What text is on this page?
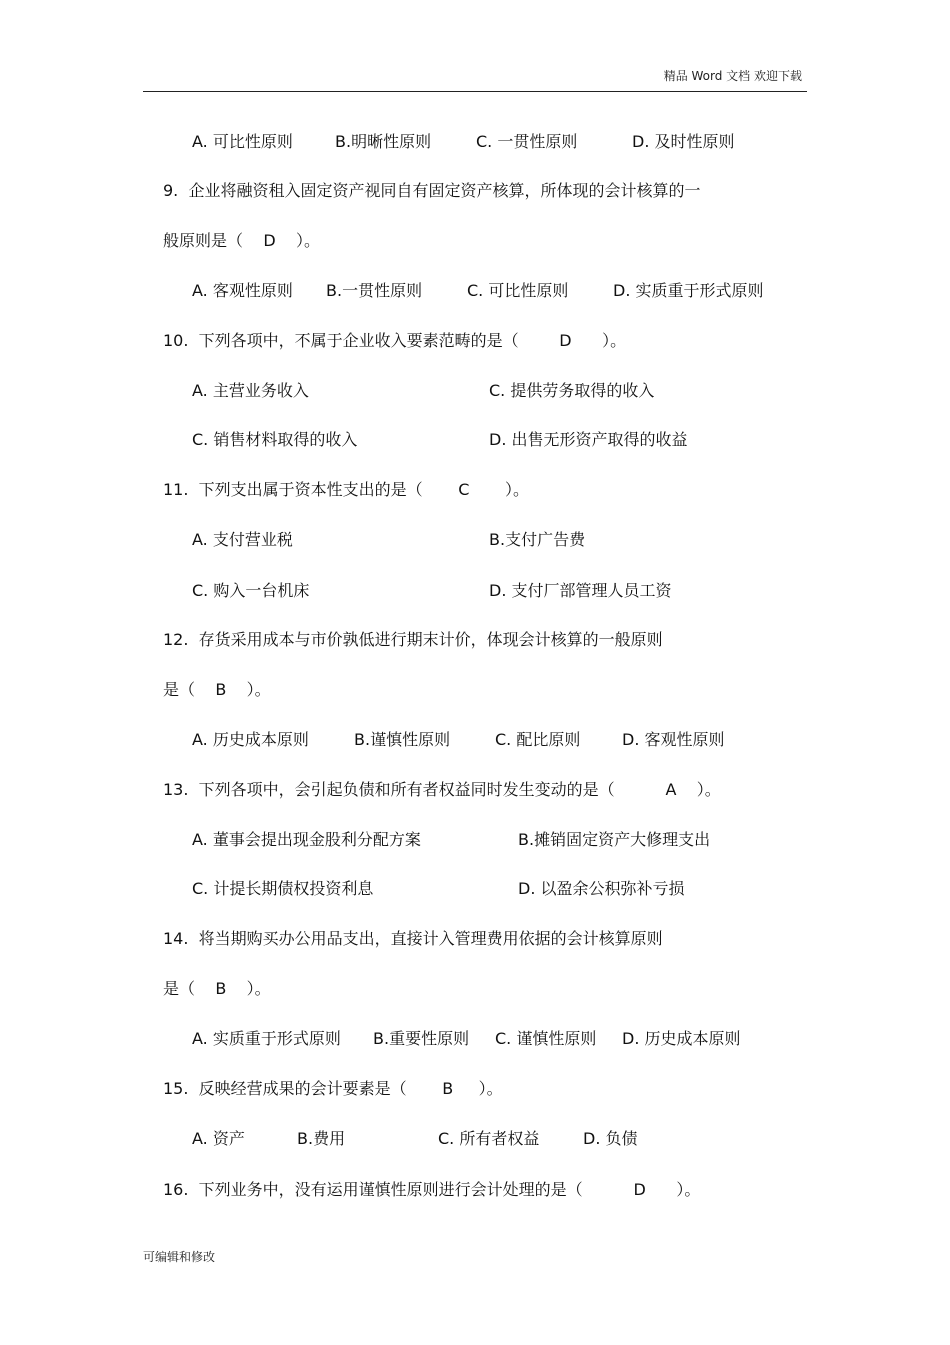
精品 Word 文档 欢迎下载
A. 可比性原则	B.明晰性原则	C. 一贯性原则	D. 及时性原则
9.  企业将融资租入固定资产视同自有固定资产核算，所体现的会计核算的一
般原则是（    D    ）。
A. 客观性原则 B.一贯性原则	C. 可比性原则	D. 实质重于形式原则
10.  下列各项中，不属于企业收入要素范畴的是（        D      ）。
A. 主营业务收入	C. 提供劳务取得的收入
C. 销售材料取得的收入	D. 出售无形资产取得的收益
11.  下列支出属于资本性支出的是（       C       ）。
A. 支付营业税	B.支付广告费
C. 购入一台机床	D. 支付厂部管理人员工资
12.  存货采用成本与市价孰低进行期末计价，体现会计核算的一般原则
是（    B    ）。
A. 历史成本原则	B.谨慎性原则	C. 配比原则	D. 客观性原则
13.  下列各项中，会引起负债和所有者权益同时发生变动的是（          A    ）。
A. 董事会提出现金股利分配方案	B.摊销固定资产大修理支出
C. 计提长期债权投资利息	D. 以盈余公积弥补亏损
14.  将当期购买办公用品支出，直接计入管理费用依据的会计核算原则
是（    B    ）。
A. 实质重于形式原则 B.重要性原则 C. 谨慎性原则 D. 历史成本原则
15.  反映经营成果的会计要素是（       B     ）。
A. 资产	B.费用	C. 所有者权益	D. 负债
16.  下列业务中，没有运用谨慎性原则进行会计处理的是（          D      ）。
可编辑和修改
